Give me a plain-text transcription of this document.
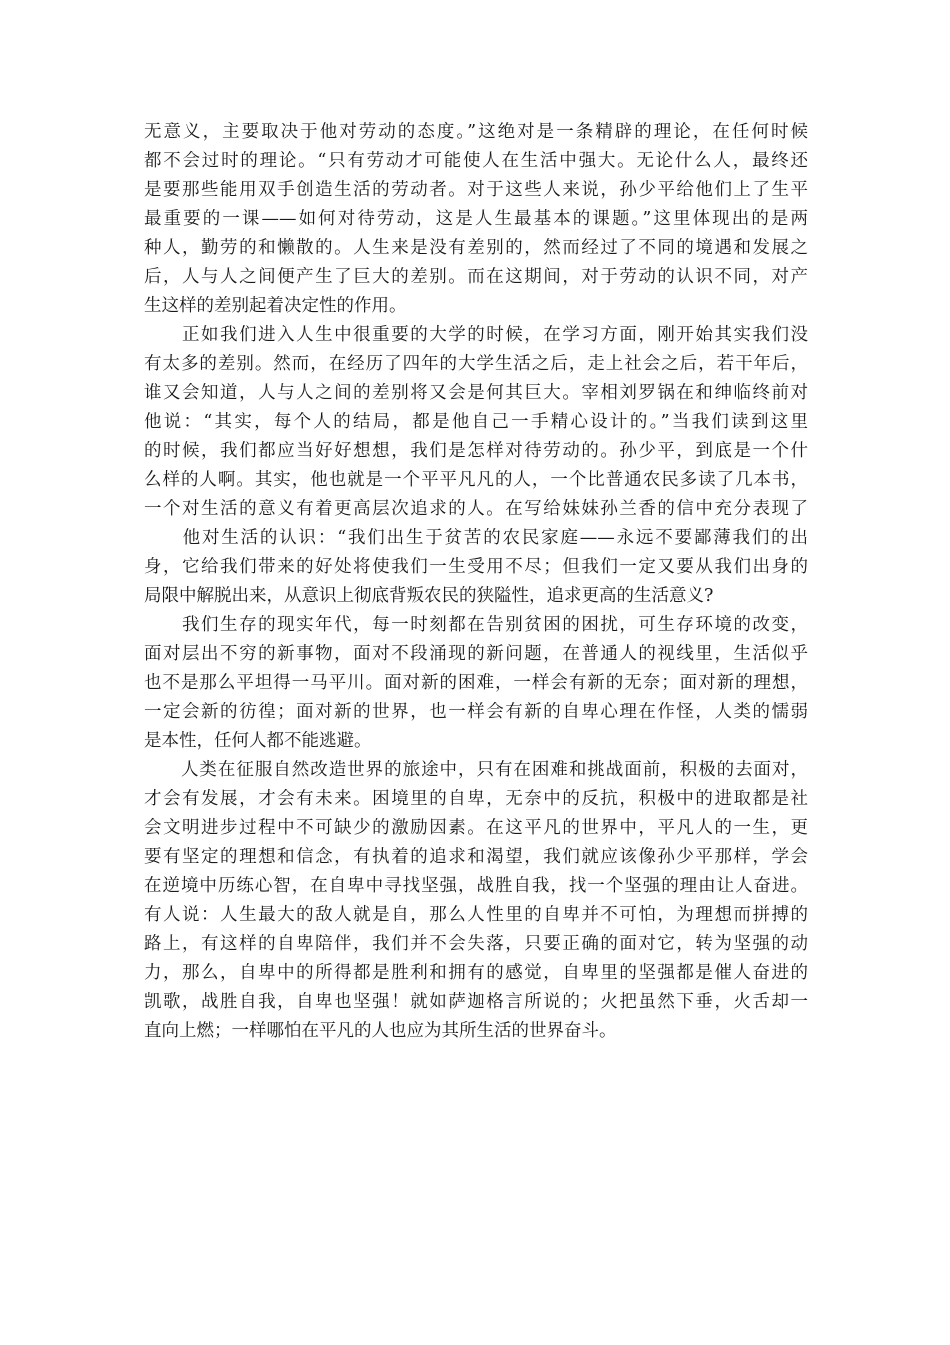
无意义，主要取决于他对劳动的态度。”这绝对是一条精辟的理论，在任何时候
都不会过时的理论。“只有劳动才可能使人在生活中强大。无论什么人，最终还
是要那些能用双手创造生活的劳动者。对于这些人来说，孙少平给他们上了生平
最重要的一课——如何对待劳动，这是人生最基本的课题。”这里体现出的是两
种人，勤劳的和懒散的。人生来是没有差别的，然而经过了不同的境遇和发展之
后，人与人之间便产生了巨大的差别。而在这期间，对于劳动的认识不同，对产
生这样的差别起着决定性的作用。
　　正如我们进入人生中很重要的大学的时候，在学习方面，刚开始其实我们没
有太多的差别。然而，在经历了四年的大学生活之后，走上社会之后，若干年后，
谁又会知道，人与人之间的差别将又会是何其巨大。宰相刘罗锅在和绅临终前对
他说：“其实，每个人的结局，都是他自己一手精心设计的。”当我们读到这里
的时候，我们都应当好好想想，我们是怎样对待劳动的。孙少平，到底是一个什
么样的人啊。其实，他也就是一个平平凡凡的人，一个比普通农民多读了几本书，
一个对生活的意义有着更高层次追求的人。在写给妹妹孙兰香的信中充分表现了
　　他对生活的认识：“我们出生于贫苦的农民家庭——永远不要鄙薄我们的出
身，它给我们带来的好处将使我们一生受用不尽；但我们一定又要从我们出身的
局限中解脱出来，从意识上彻底背叛农民的狭隘性，追求更高的生活意义?
　　我们生存的现实年代，每一时刻都在告别贫困的困扰，可生存环境的改变，
面对层出不穷的新事物，面对不段涌现的新问题，在普通人的视线里，生活似乎
也不是那么平坦得一马平川。面对新的困难，一样会有新的无奈；面对新的理想，
一定会新的彷徨；面对新的世界，也一样会有新的自卑心理在作怪，人类的懦弱
是本性，任何人都不能逃避。
　　人类在征服自然改造世界的旅途中，只有在困难和挑战面前，积极的去面对，
才会有发展，才会有未来。困境里的自卑，无奈中的反抗，积极中的进取都是社
会文明进步过程中不可缺少的激励因素。在这平凡的世界中，平凡人的一生，更
要有坚定的理想和信念，有执着的追求和渴望，我们就应该像孙少平那样，学会
在逆境中历练心智，在自卑中寻找坚强，战胜自我，找一个坚强的理由让人奋进。
有人说：人生最大的敌人就是自，那么人性里的自卑并不可怕，为理想而拼搏的
路上，有这样的自卑陪伴，我们并不会失落，只要正确的面对它，转为坚强的动
力，那么，自卑中的所得都是胜利和拥有的感觉，自卑里的坚强都是催人奋进的
凯歌，战胜自我，自卑也坚强！就如萨迦格言所说的；火把虽然下垂，火舌却一
直向上燃；一样哪怕在平凡的人也应为其所生活的世界奋斗。
